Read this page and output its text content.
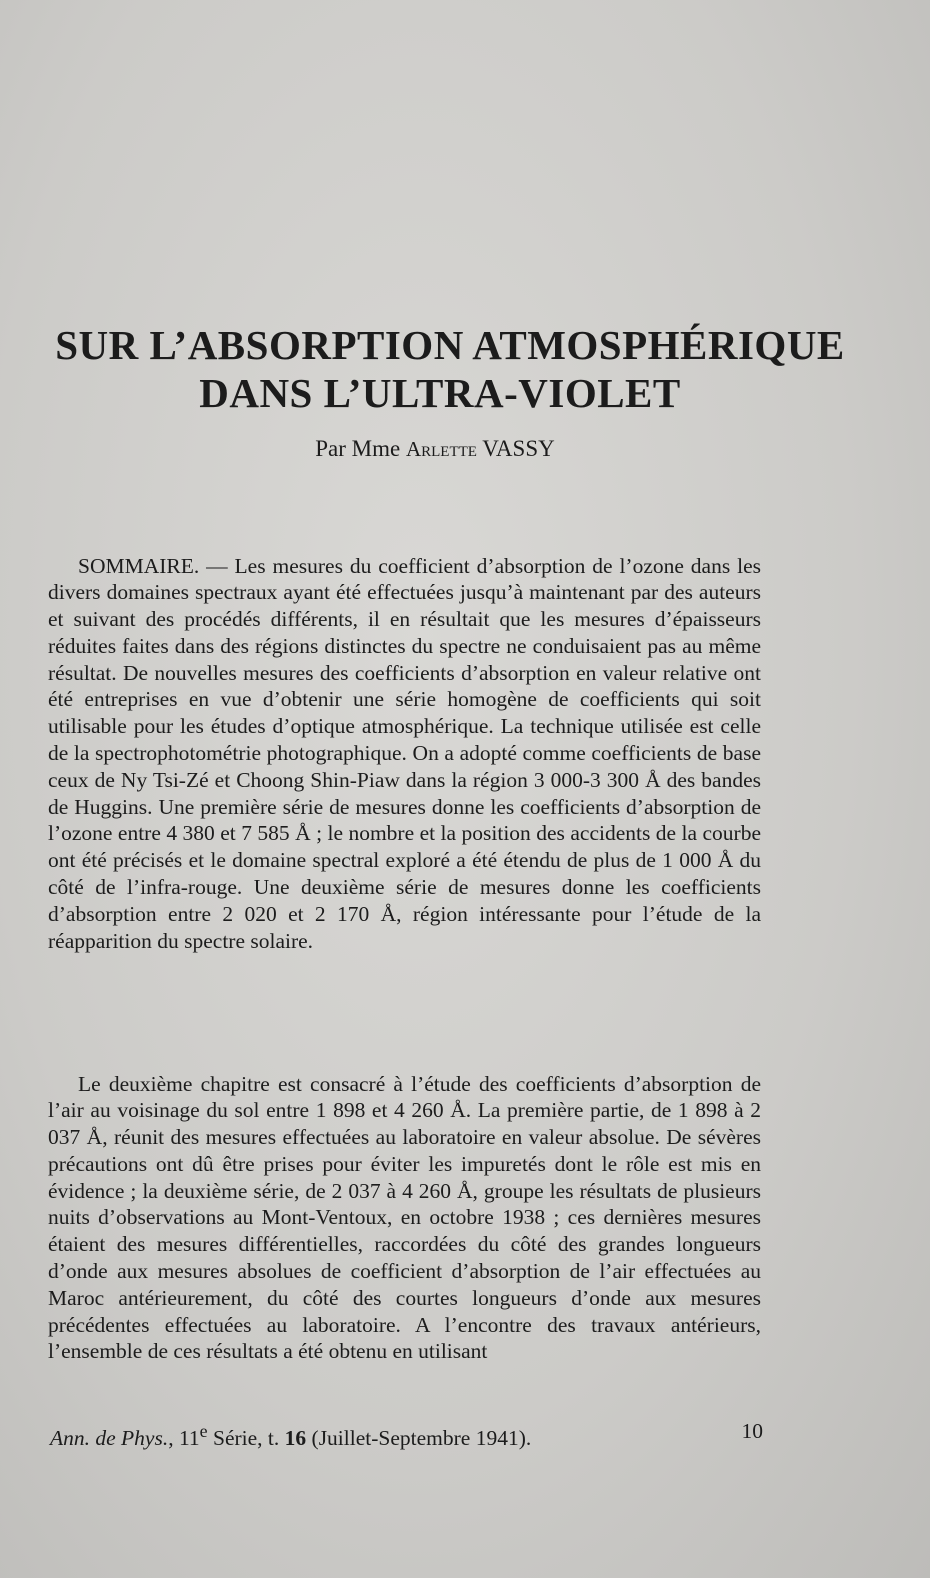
SUR L’ABSORPTION ATMOSPHÉRIQUE
DANS L’ULTRA-VIOLET
Par Mme Arlette VASSY

SOMMAIRE. — Les mesures du coefficient d’absorption de l’ozone dans les divers domaines spectraux ayant été effectuées jusqu’à maintenant par des auteurs et suivant des procédés différents, il en résultait que les mesures d’épaisseurs réduites faites dans des régions distinctes du spectre ne conduisaient pas au même résultat. De nouvelles mesures des coefficients d’absorption en valeur relative ont été entreprises en vue d’obtenir une série homogène de coefficients qui soit utilisable pour les études d’optique atmosphérique. La technique utilisée est celle de la spectrophotométrie photographique. On a adopté comme coefficients de base ceux de Ny Tsi-Zé et Choong Shin-Piaw dans la région 3 000-3 300 Å des bandes de Huggins. Une première série de mesures donne les coefficients d’absorption de l’ozone entre 4 380 et 7 585 Å ; le nombre et la position des accidents de la courbe ont été précisés et le domaine spectral exploré a été étendu de plus de 1 000 Å du côté de l’infra-rouge. Une deuxième série de mesures donne les coefficients d’absorption entre 2 020 et 2 170 Å, région intéressante pour l’étude de la réapparition du spectre solaire.

Le deuxième chapitre est consacré à l’étude des coefficients d’absorption de l’air au voisinage du sol entre 1 898 et 4 260 Å. La première partie, de 1 898 à 2 037 Å, réunit des mesures effectuées au laboratoire en valeur absolue. De sévères précautions ont dû être prises pour éviter les impuretés dont le rôle est mis en évidence ; la deuxième série, de 2 037 à 4 260 Å, groupe les résultats de plusieurs nuits d’observations au Mont-Ventoux, en octobre 1938 ; ces dernières mesures étaient des mesures différentielles, raccordées du côté des grandes longueurs d’onde aux mesures absolues de coefficient d’absorption de l’air effectuées au Maroc antérieurement, du côté des courtes longueurs d’onde aux mesures précédentes effectuées au laboratoire. A l’encontre des travaux antérieurs, l’ensemble de ces résultats a été obtenu en utilisant

Ann. de Phys., 11e Série, t. 16 (Juillet-Septembre 1941).	10
